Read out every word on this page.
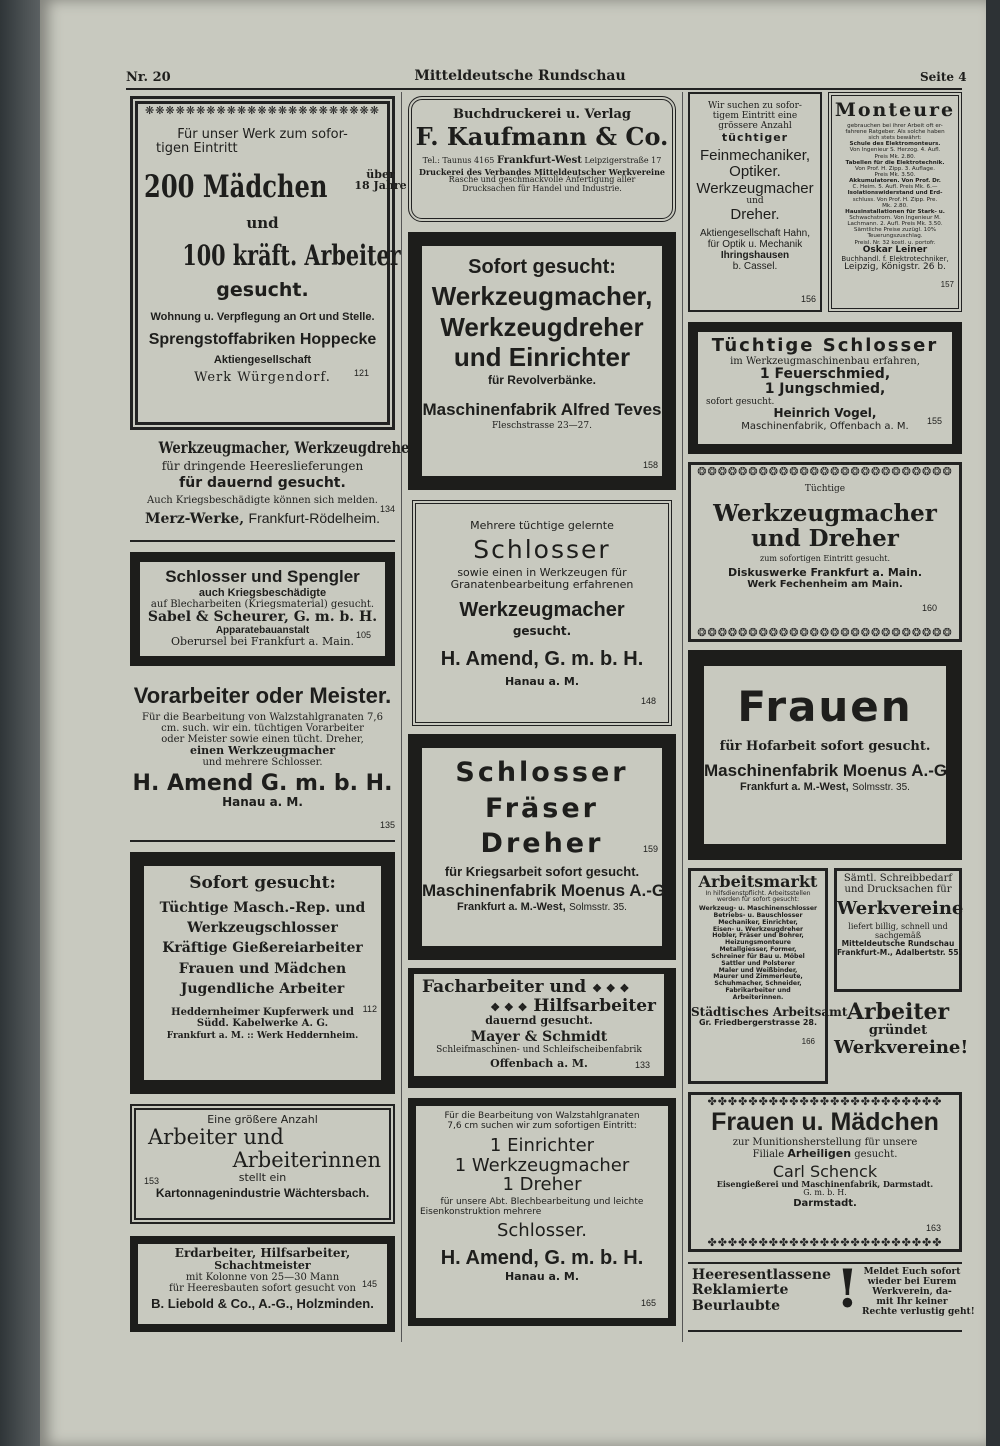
Nr. 20	Mitteldeutsche Rundschau	Seite 4
❋❋❋❋❋❋❋❋❋❋❋❋❋❋❋❋❋❋❋❋❋❋❋
Für unser Werk zum sofor-
tigen Eintritt
200 Mädchen	über
18 Jahre
und
100 kräft. Arbeiter
gesucht.
Wohnung u. Verpflegung an Ort und Stelle.
Sprengstoffabriken Hoppecke
Aktiengesellschaft
Werk Würgendorf.	121
Werkzeugmacher, Werkzeugdreher,
für dringende Heereslieferungen
für dauernd gesucht.
Auch Kriegsbeschädigte können sich melden.
Merz-Werke, Frankfurt-Rödelheim.
134
Schlosser und Spengler
auch Kriegsbeschädigte
auf Blecharbeiten (Kriegsmaterial) gesucht.
Sabel & Scheurer, G. m. b. H.
Apparatebauanstalt
Oberursel bei Frankfurt a. Main.
105
Vorarbeiter oder Meister.
Für die Bearbeitung von Walzstahlgranaten 7,6
cm. such. wir ein. tüchtigen Vorarbeiter
oder Meister sowie einen tücht. Dreher,
einen Werkzeugmacher
und mehrere Schlosser.
H. Amend G. m. b. H.
Hanau a. M.
135
Sofort gesucht:
Tüchtige Masch.-Rep. und
Werkzeugschlosser
Kräftige Gießereiarbeiter
Frauen und Mädchen
Jugendliche Arbeiter
Heddernheimer Kupferwerk und
Südd. Kabelwerke A. G.
Frankfurt a. M. :: Werk Heddernheim.
112
Eine größere Anzahl
Arbeiter und
Arbeiterinnen
stellt ein
Kartonnagenindustrie Wächtersbach.
153
Erdarbeiter, Hilfsarbeiter,
Schachtmeister
mit Kolonne von 25—30 Mann
für Heeresbauten sofort gesucht von
B. Liebold & Co., A.-G., Holzminden.
145
Buchdruckerei u. Verlag
F. Kaufmann & Co.
Tel.: Taunus 4165 Frankfurt-West Leipzigerstraße 17
Druckerei des Verbandes Mitteldeutscher Werkvereine
Rasche und geschmackvolle Anfertigung aller
Drucksachen für Handel und Industrie.
Sofort gesucht:
Werkzeugmacher,
Werkzeugdreher
und Einrichter
für Revolverbänke.
Maschinenfabrik Alfred Teves
Fleschstrasse 23—27.
158
Mehrere tüchtige gelernte
Schlosser
sowie einen in Werkzeugen für
Granatenbearbeitung erfahrenen
Werkzeugmacher
gesucht.
H. Amend, G. m. b. H.
Hanau a. M.
148
Schlosser
Fräser
Dreher
für Kriegsarbeit sofort gesucht.
Maschinenfabrik Moenus A.-G.
Frankfurt a. M.-West, Solmsstr. 35.
159
Facharbeiter und ❖ ❖ ❖
❖ ❖ ❖ Hilfsarbeiter
dauernd gesucht.
Mayer & Schmidt
Schleifmaschinen- und Schleifscheibenfabrik
Offenbach a. M.	133
Für die Bearbeitung von Walzstahlgranaten
7,6 cm suchen wir zum sofortigen Eintritt:
1 Einrichter
1 Werkzeugmacher
1 Dreher
für unsere Abt. Blechbearbeitung und leichte
Eisenkonstruktion mehrere
Schlosser.
H. Amend, G. m. b. H.
Hanau a. M.
165
Wir suchen zu sofor-
tigem Eintritt eine
grössere Anzahl
tüchtiger
Feinmechaniker,
Optiker.
Werkzeugmacher
und
Dreher.
Aktiengesellschaft Hahn,
für Optik u. Mechanik
Ihringshausen
b. Cassel.
156
Monteure
gebrauchen bei ihrer Arbeit oft er-
fahrene Ratgeber. Als solche haben
sich stets bewährt:
Schule des Elektromonteurs.
Von Ingenieur S. Herzog. 4. Aufl.
Preis Mk. 2.80.
Tabellen für die Elektrotechnik.
Von Prof. H. Zipp. 3. Auflage.
Preis Mk. 3.50.
Akkumulatoren. Von Prof. Dr.
C. Heim. 5. Aufl. Preis Mk. 6.—
Isolationswiderstand und Erd-
schluss. Von Prof. H. Zipp. Pre.
Mk. 2.80.
Hausinstallationen für Stark- u.
Schwachstrom. Von Ingenieur M.
Lachmann. 2. Aufl. Preis Mk. 3.50.
Sämtliche Preise zuzügl. 10%
Teuerungszuschlag.
Preisl. Nr. 32 kostl. u. portofr.
Oskar Leiner
Buchhandl. f. Elektrotechniker,
Leipzig, Königstr. 26 b.
157
Tüchtige Schlosser
im Werkzeugmaschinenbau erfahren,
1 Feuerschmied,
1 Jungschmied,
sofort gesucht.
Heinrich Vogel,
Maschinenfabrik, Offenbach a. M.	155
❂❂❂❂❂❂❂❂❂❂❂❂❂❂❂❂❂❂❂❂❂❂❂❂❂
❂❂❂❂❂❂❂❂❂❂❂❂❂❂❂❂❂❂❂❂❂❂❂❂❂
Tüchtige
Werkzeugmacher
und Dreher
zum sofortigen Eintritt gesucht.
Diskuswerke Frankfurt a. Main.
Werk Fechenheim am Main.
160
Frauen
für Hofarbeit sofort gesucht.
Maschinenfabrik Moenus A.-G.
Frankfurt a. M.-West, Solmsstr. 35.
Arbeitsmarkt
In hilfsdienstpflicht. Arbeitsstellen
werden für sofort gesucht:
Werkzeug- u. Maschinenschlosser
Betriebs- u. Bauschlosser
Mechaniker, Einrichter,
Eisen- u. Werkzeugdreher
Hobler, Fräser und Bohrer,
Heizungsmonteure
Metallgiesser, Former,
Schreiner für Bau u. Möbel
Sattler und Polsterer
Maler und Weißbinder,
Maurer und Zimmerleute,
Schuhmacher, Schneider,
Fabrikarbeiter und
Arbeiterinnen.
Städtisches Arbeitsamt
Gr. Friedbergerstrasse 28.
166
Sämtl. Schreibbedarf
und Drucksachen für
Werkvereine
liefert billig, schnell und
sachgemäß
Mitteldeutsche Rundschau
Frankfurt-M., Adalbertstr. 55.
Arbeiter
gründet
Werkvereine!
✤✤✤✤✤✤✤✤✤✤✤✤✤✤✤✤✤✤✤✤✤✤✤
✤✤✤✤✤✤✤✤✤✤✤✤✤✤✤✤✤✤✤✤✤✤✤
Frauen u. Mädchen
zur Munitionsherstellung für unsere
Filiale Arheiligen gesucht.
Carl Schenck
Eisengießerei und Maschinenfabrik, Darmstadt.
G. m. b. H.
Darmstadt.
163
Heeresentlassene
Reklamierte
Beurlaubte	! Meldet Euch sofort
wieder bei Eurem
Werkverein, da-
mit Ihr keiner
Rechte verlustig geht!
